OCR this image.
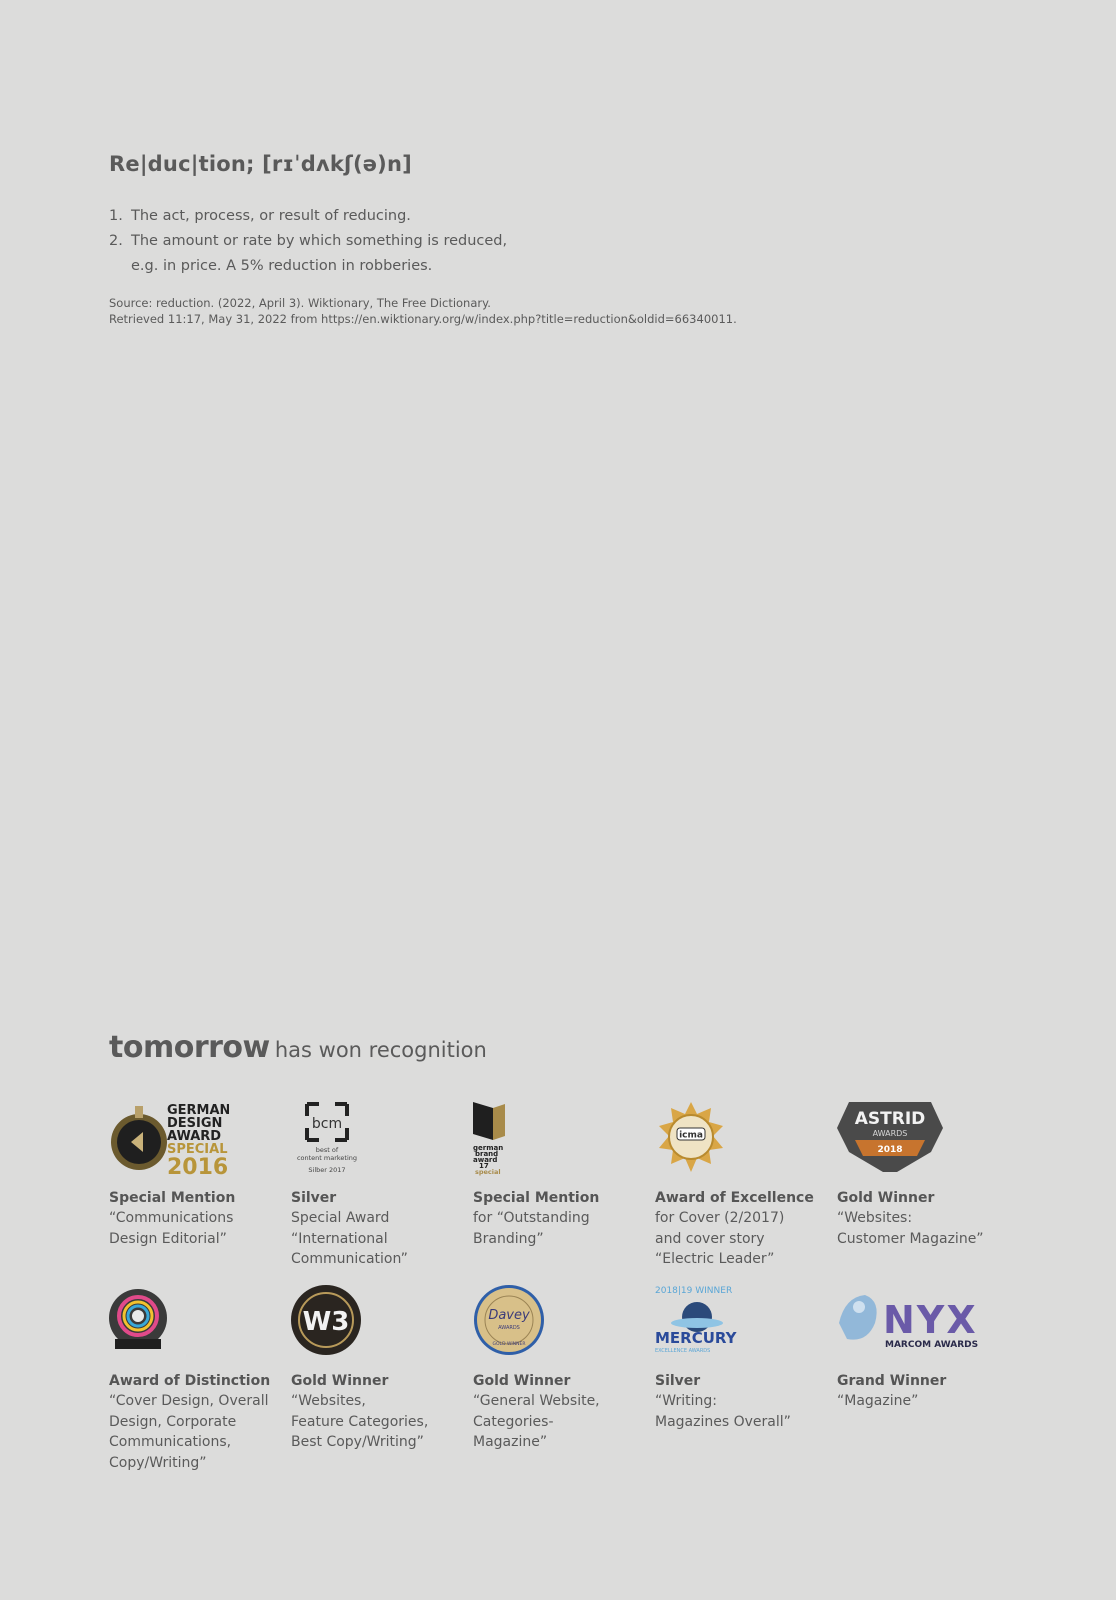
Re|duc|tion; [rɪˈdʌkʃ(ə)n]
1. The act, process, or result of reducing.
2. The amount or rate by which something is reduced,
e.g. in price. A 5% reduction in robberies.
Source: reduction. (2022, April 3). Wiktionary, The Free Dictionary.
Retrieved 11:17, May 31, 2022 from https://en.wiktionary.org/w/index.php?title=reduction&oldid=66340011.
tomorrow has won recognition
GERMAN
DESIGN
AWARD
SPECIAL
2016
Special Mention
“Communications
Design Editorial”
bcm
best of
content marketing
Silber 2017
Silver
Special Award
“International
Communication”
german
brand
award
17
special
Special Mention
for “Outstanding
Branding”
icma
Award of Excellence
for Cover (2/2017)
and cover story
“Electric Leader”
ASTRID
AWARDS
2018
Gold Winner
“Websites:
Customer Magazine”
Award of Distinction
“Cover Design, Overall
Design, Corporate
Communications,
Copy/Writing”
W3
Gold Winner
“Websites,
Feature Categories,
Best Copy/Writing”
Davey
AWARDS
GOLD WINNER
Gold Winner
“General Website,
Categories-
Magazine”
2018|19 WINNER
MERCURY
EXCELLENCE AWARDS
Silver
“Writing:
Magazines Overall”
NYX
MARCOM AWARDS
Grand Winner
“Magazine”
